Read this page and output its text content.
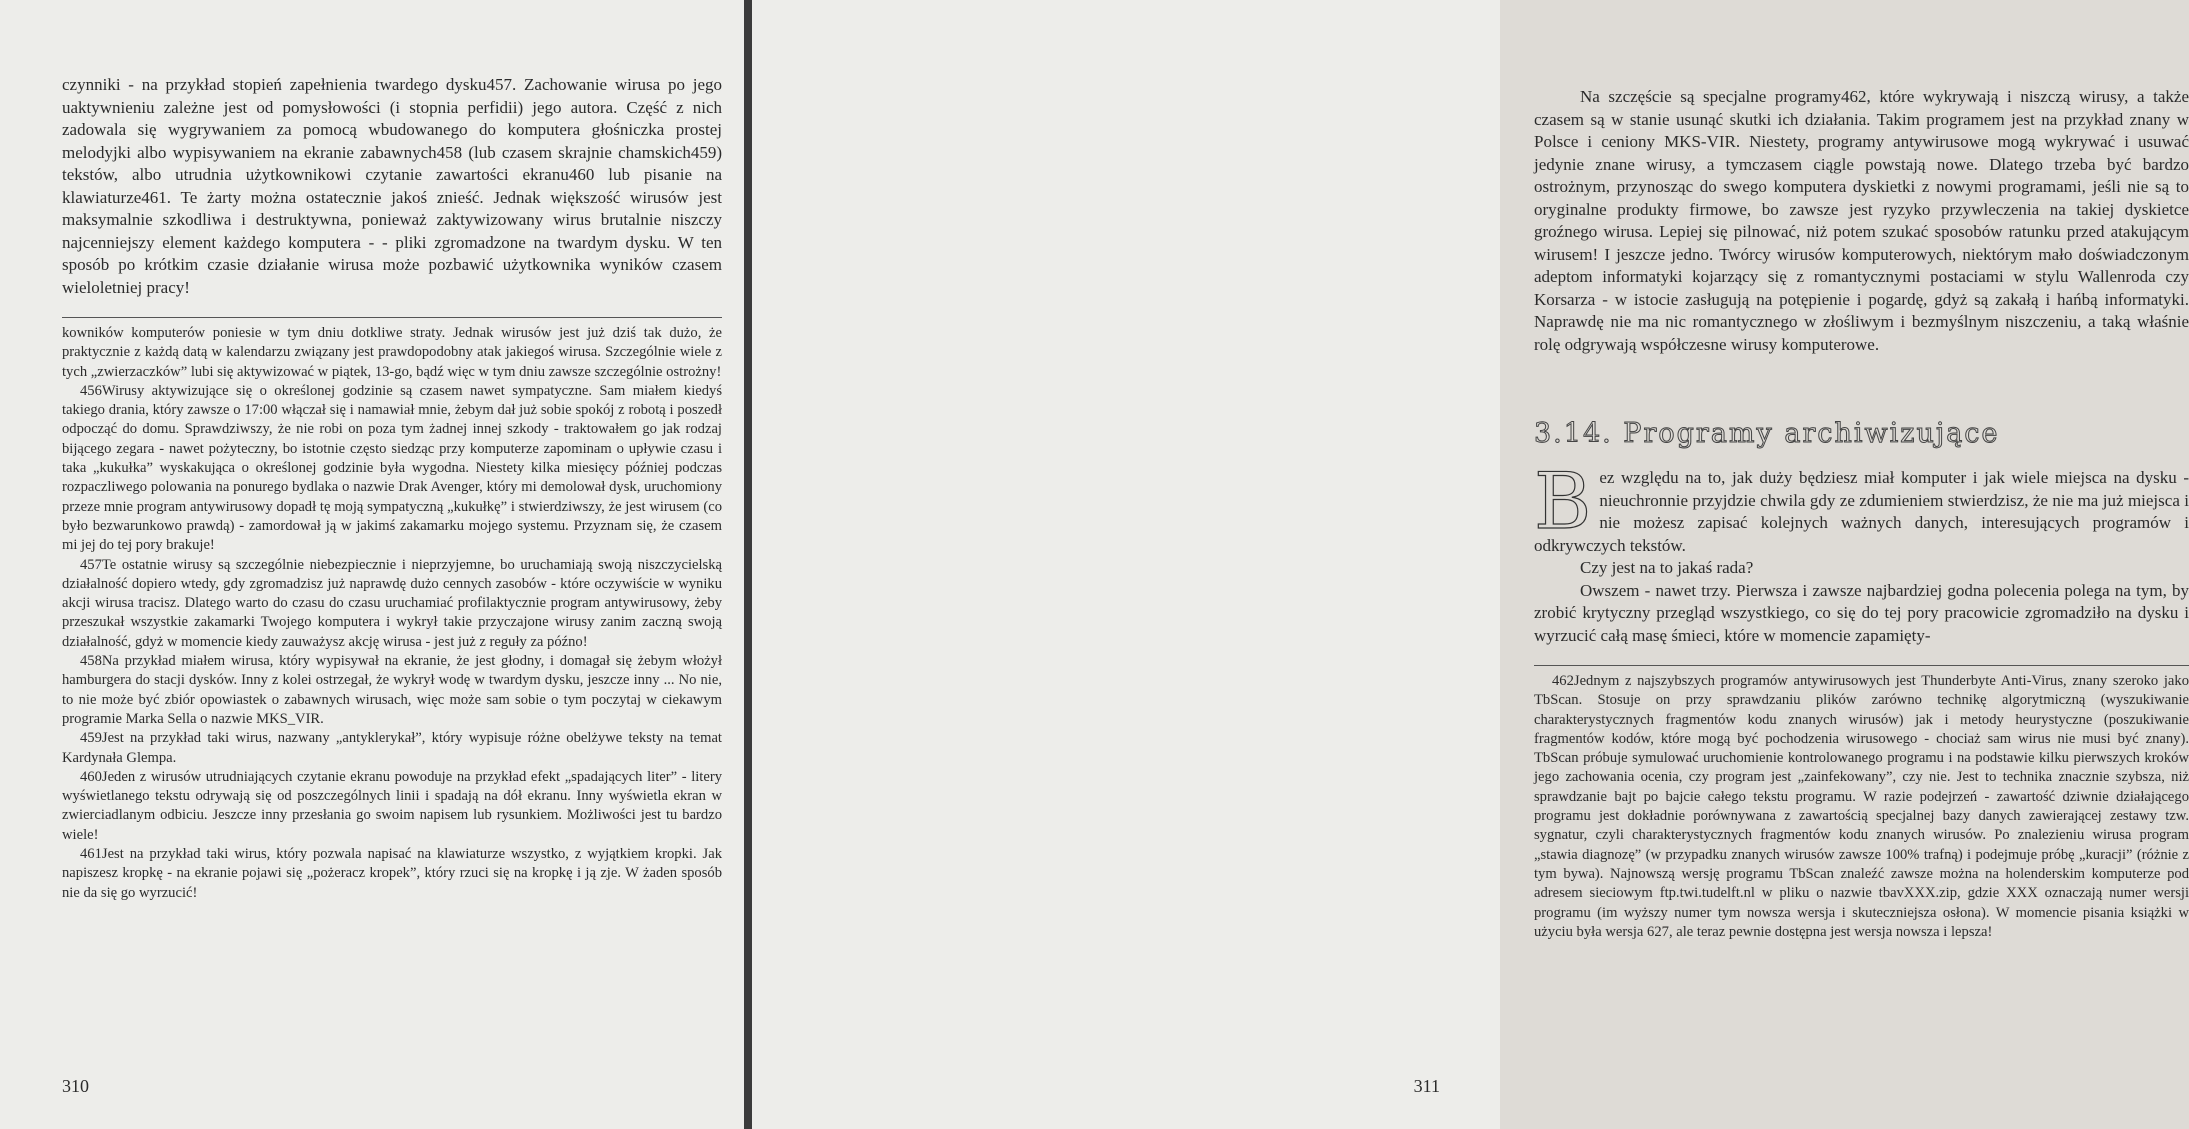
czynniki - na przykład stopień zapełnienia twardego dysku457. Zachowanie wirusa po jego uaktywnieniu zależne jest od pomysłowości (i stopnia perfidii) jego autora. Część z nich zadowala się wygrywaniem za pomocą wbudowanego do komputera głośniczka prostej melodyjki albo wypisywaniem na ekranie zabawnych458 (lub czasem skrajnie chamskich459) tekstów, albo utrudnia użytkownikowi czytanie zawartości ekranu460 lub pisanie na klawiaturze461. Te żarty można ostatecznie jakoś znieść. Jednak większość wirusów jest maksymalnie szkodliwa i destruktywna, ponieważ zaktywizowany wirus brutalnie niszczy najcenniejszy element każdego komputera - - pliki zgromadzone na twardym dysku. W ten sposób po krótkim czasie działanie wirusa może pozbawić użytkownika wyników czasem wieloletniej pracy!

kowników komputerów poniesie w tym dniu dotkliwe straty. Jednak wirusów jest już dziś tak dużo, że praktycznie z każdą datą w kalendarzu związany jest prawdopodobny atak jakiegoś wirusa. Szczególnie wiele z tych „zwierzaczków” lubi się aktywizować w piątek, 13-go, bądź więc w tym dniu zawsze szczególnie ostrożny!

456Wirusy aktywizujące się o określonej godzinie są czasem nawet sympatyczne. Sam miałem kiedyś takiego drania, który zawsze o 17:00 włączał się i namawiał mnie, żebym dał już sobie spokój z robotą i poszedł odpocząć do domu. Sprawdziwszy, że nie robi on poza tym żadnej innej szkody - traktowałem go jak rodzaj bijącego zegara - nawet pożyteczny, bo istotnie często siedząc przy komputerze zapominam o upływie czasu i taka „kukułka” wyskakująca o określonej godzinie była wygodna. Niestety kilka miesięcy później podczas rozpaczliwego polowania na ponurego bydlaka o nazwie Drak Avenger, który mi demolował dysk, uruchomiony przeze mnie program antywirusowy dopadł tę moją sympatyczną „kukułkę” i stwierdziwszy, że jest wirusem (co było bezwarunkowo prawdą) - zamordował ją w jakimś zakamarku mojego systemu. Przyznam się, że czasem mi jej do tej pory brakuje!

457Te ostatnie wirusy są szczególnie niebezpiecznie i nieprzyjemne, bo uruchamiają swoją niszczycielską działalność dopiero wtedy, gdy zgromadzisz już naprawdę dużo cennych zasobów - które oczywiście w wyniku akcji wirusa tracisz. Dlatego warto do czasu do czasu uruchamiać profilaktycznie program antywirusowy, żeby przeszukał wszystkie zakamarki Twojego komputera i wykrył takie przyczajone wirusy zanim zaczną swoją działalność, gdyż w momencie kiedy zauważysz akcję wirusa - jest już z reguły za późno!

458Na przykład miałem wirusa, który wypisywał na ekranie, że jest głodny, i domagał się żebym włożył hamburgera do stacji dysków. Inny z kolei ostrzegał, że wykrył wodę w twardym dysku, jeszcze inny ... No nie, to nie może być zbiór opowiastek o zabawnych wirusach, więc może sam sobie o tym poczytaj w ciekawym programie Marka Sella o nazwie MKS_VIR.

459Jest na przykład taki wirus, nazwany „antyklerykał”, który wypisuje różne obelżywe teksty na temat Kardynała Glempa.

460Jeden z wirusów utrudniających czytanie ekranu powoduje na przykład efekt „spadających liter” - litery wyświetlanego tekstu odrywają się od poszczególnych linii i spadają na dół ekranu. Inny wyświetla ekran w zwierciadlanym odbiciu. Jeszcze inny przesłania go swoim napisem lub rysunkiem. Możliwości jest tu bardzo wiele!

461Jest na przykład taki wirus, który pozwala napisać na klawiaturze wszystko, z wyjątkiem kropki. Jak napiszesz kropkę - na ekranie pojawi się „pożeracz kropek”, który rzuci się na kropkę i ją zje. W żaden sposób nie da się go wyrzucić!

310

Na szczęście są specjalne programy462, które wykrywają i niszczą wirusy, a także czasem są w stanie usunąć skutki ich działania. Takim programem jest na przykład znany w Polsce i ceniony MKS-VIR. Niestety, programy antywirusowe mogą wykrywać i usuwać jedynie znane wirusy, a tymczasem ciągle powstają nowe. Dlatego trzeba być bardzo ostrożnym, przynosząc do swego komputera dyskietki z nowymi programami, jeśli nie są to oryginalne produkty firmowe, bo zawsze jest ryzyko przywleczenia na takiej dyskietce groźnego wirusa. Lepiej się pilnować, niż potem szukać sposobów ratunku przed atakującym wirusem! I jeszcze jedno. Twórcy wirusów komputerowych, niektórym mało doświadczonym adeptom informatyki kojarzący się z romantycznymi postaciami w stylu Wallenroda czy Korsarza - w istocie zasługują na potępienie i pogardę, gdyż są zakałą i hańbą informatyki. Naprawdę nie ma nic romantycznego w złośliwym i bezmyślnym niszczeniu, a taką właśnie rolę odgrywają współczesne wirusy komputerowe.

3.14. Programy archiwizujące

Bez względu na to, jak duży będziesz miał komputer i jak wiele miejsca na dysku - nieuchronnie przyjdzie chwila gdy ze zdumieniem stwierdzisz, że nie ma już miejsca i nie możesz zapisać kolejnych ważnych danych, interesujących programów i odkrywczych tekstów.

Czy jest na to jakaś rada?

Owszem - nawet trzy. Pierwsza i zawsze najbardziej godna polecenia polega na tym, by zrobić krytyczny przegląd wszystkiego, co się do tej pory pracowicie zgromadziło na dysku i wyrzucić całą masę śmieci, które w momencie zapamięty-

462Jednym z najszybszych programów antywirusowych jest Thunderbyte Anti-Virus, znany szeroko jako TbScan. Stosuje on przy sprawdzaniu plików zarówno technikę algorytmiczną (wyszukiwanie charakterystycznych fragmentów kodu znanych wirusów) jak i metody heurystyczne (poszukiwanie fragmentów kodów, które mogą być pochodzenia wirusowego - chociaż sam wirus nie musi być znany). TbScan próbuje symulować uruchomienie kontrolowanego programu i na podstawie kilku pierwszych kroków jego zachowania ocenia, czy program jest „zainfekowany”, czy nie. Jest to technika znacznie szybsza, niż sprawdzanie bajt po bajcie całego tekstu programu. W razie podejrzeń - zawartość dziwnie działającego programu jest dokładnie porównywana z zawartością specjalnej bazy danych zawierającej zestawy tzw. sygnatur, czyli charakterystycznych fragmentów kodu znanych wirusów. Po znalezieniu wirusa program „stawia diagnozę” (w przypadku znanych wirusów zawsze 100% trafną) i podejmuje próbę „kuracji” (różnie z tym bywa). Najnowszą wersję programu TbScan znaleźć zawsze można na holenderskim komputerze pod adresem sieciowym ftp.twi.tudelft.nl w pliku o nazwie tbavXXX.zip, gdzie XXX oznaczają numer wersji programu (im wyższy numer tym nowsza wersja i skuteczniejsza osłona). W momencie pisania książki w użyciu była wersja 627, ale teraz pewnie dostępna jest wersja nowsza i lepsza!

311
